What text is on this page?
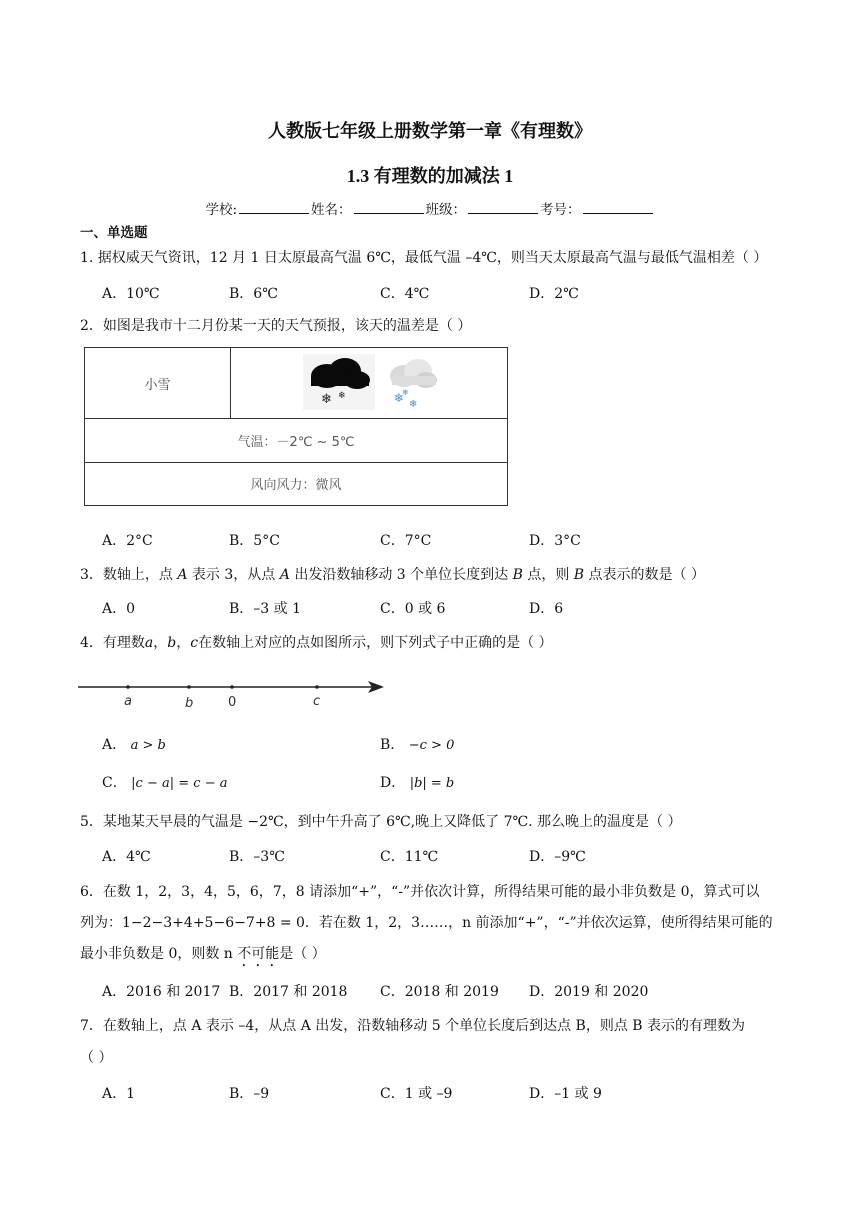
人教版七年级上册数学第一章《有理数》
1.3 有理数的加减法 1
学校:	姓名：	班级：	考号：
一、单选题
1. 据权威天气资讯，12 月 1 日太原最高气温 6℃，最低气温 –4℃，则当天太原最高气温与最低气温相差（ ）
A．10℃	B．6℃	C．4℃	D．2℃
2．如图是我市十二月份某一天的天气预报，该天的温差是（ ）
小雪
❄ ❄	❄ ❄
❄
气温：－2℃ ~ 5℃
风向风力：微风
A．2°C	B．5°C	C．7°C	D．3°C
3．数轴上，点 A 表示 3，从点 A 出发沿数轴移动 3 个单位长度到达 B 点，则 B 点表示的数是（ ）
A．0	B．–3 或 1	C．0 或 6	D．6
4．有理数a，b，c在数轴上对应的点如图所示，则下列式子中正确的是（ ）
a	b	0	c
A． a > b	B． −c > 0
C． |c − a| = c − a	D． |b| = b
5．某地某天早晨的气温是 −2℃，到中午升高了 6℃,晚上又降低了 7℃. 那么晚上的温度是（ ）
A．4℃	B．–3℃	C．11℃	D．–9℃
6．在数 1，2，3，4，5，6，7，8 请添加“+”，“-”并依次计算，所得结果可能的最小非负数是 0，算式可以
列为：1−2−3+4+5−6−7+8 = 0．若在数 1，2，3……，n 前添加“+”，“-”并依次运算，使所得结果可能的
最小非负数是 0，则数 n 不可能是（ ）
A．2016 和 2017 B．2017 和 2018 C．2018 和 2019 D．2019 和 2020
7．在数轴上，点 A 表示 –4，从点 A 出发，沿数轴移动 5 个单位长度后到达点 B，则点 B 表示的有理数为
（ ）
A．1	B．–9	C．1 或 –9	D．–1 或 9
